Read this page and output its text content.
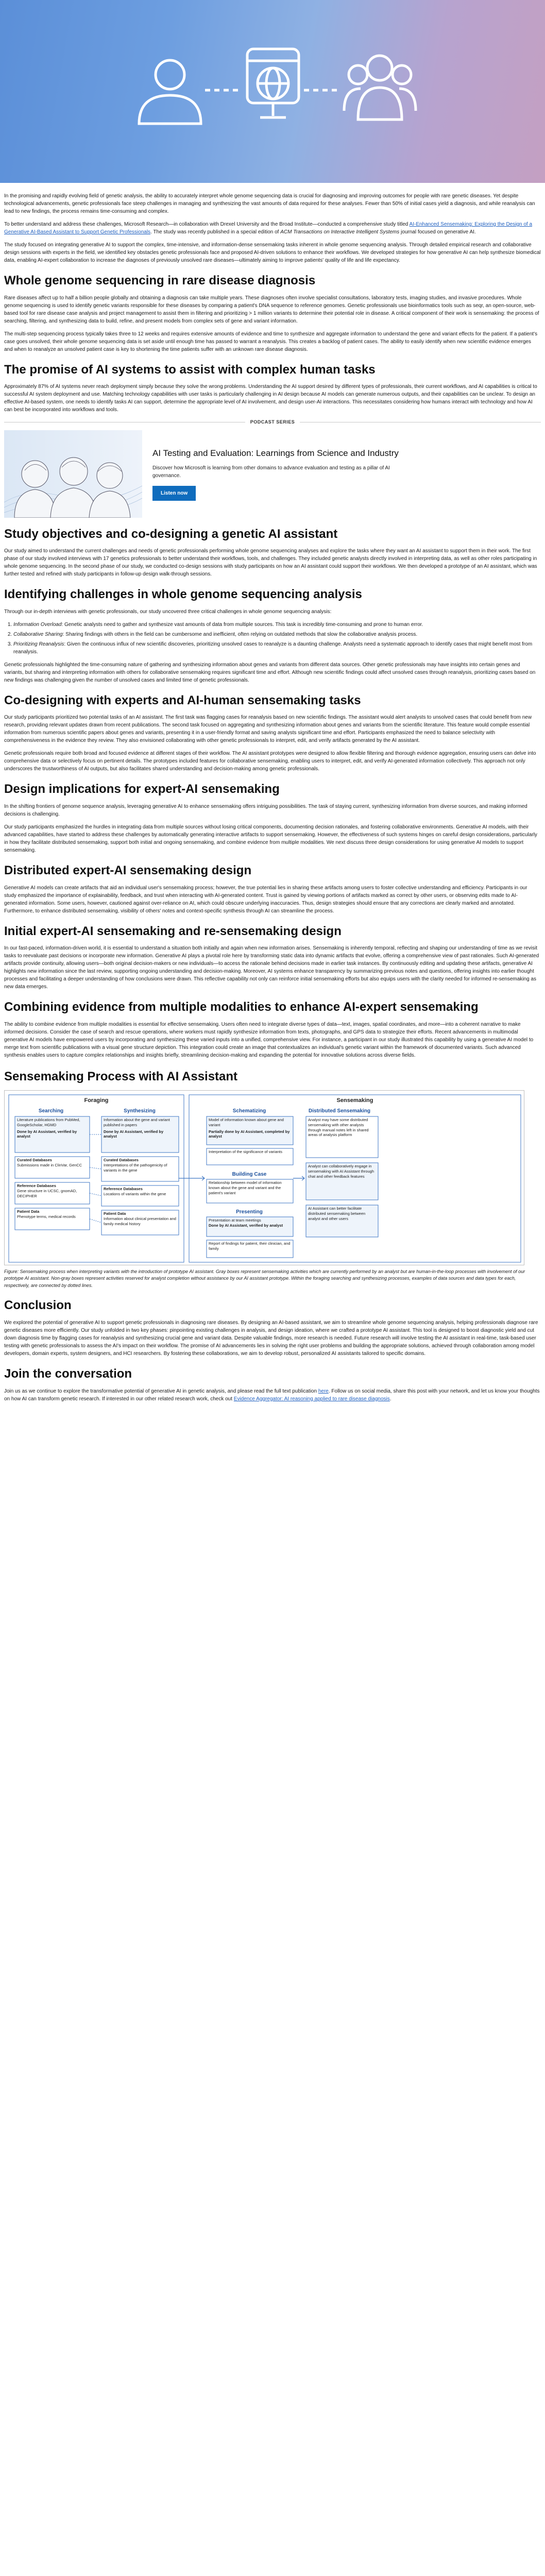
In the promising and rapidly evolving field of genetic analysis, the ability to accurately interpret whole genome sequencing data is crucial for diagnosing and improving outcomes for people with rare genetic diseases. Yet despite technological advancements, genetic professionals face steep challenges in managing and synthesizing the vast amounts of data required for these analyses. Fewer than 50% of initial cases yield a diagnosis, and while reanalysis can lead to new findings, the process remains time-consuming and complex.

To better understand and address these challenges, Microsoft Research—in collaboration with Drexel University and the Broad Institute—conducted a comprehensive study titled AI-Enhanced Sensemaking: Exploring the Design of a Generative AI-Based Assistant to Support Genetic Professionals. The study was recently published in a special edition of ACM Transactions on Interactive Intelligent Systems journal focused on generative AI.

The study focused on integrating generative AI to support the complex, time-intensive, and information-dense sensemaking tasks inherent in whole genome sequencing analysis. Through detailed empirical research and collaborative design sessions with experts in the field, we identified key obstacles genetic professionals face and proposed AI-driven solutions to enhance their workflows. We developed strategies for how generative AI can help synthesize biomedical data, enabling AI-expert collaboration to increase the diagnoses of previously unsolved rare diseases—ultimately aiming to improve patients' quality of life and life expectancy.

Whole genome sequencing in rare disease diagnosis

Rare diseases affect up to half a billion people globally and obtaining a diagnosis can take multiple years. These diagnoses often involve specialist consultations, laboratory tests, imaging studies, and invasive procedures. Whole genome sequencing is used to identify genetic variants responsible for these diseases by comparing a patient's DNA sequence to reference genomes. Genetic professionals use bioinformatics tools such as seqr, an open-source, web-based tool for rare disease case analysis and project management to assist them in filtering and prioritizing > 1 million variants to determine their potential role in disease. A critical component of their work is sensemaking: the process of searching, filtering, and synthesizing data to build, refine, and present models from complex sets of gene and variant information.

The multi-step sequencing process typically takes three to 12 weeks and requires extensive amounts of evidence and time to synthesize and aggregate information to understand the gene and variant effects for the patient. If a patient's case goes unsolved, their whole genome sequencing data is set aside until enough time has passed to warrant a reanalysis. This creates a backlog of patient cases. The ability to easily identify when new scientific evidence emerges and when to reanalyze an unsolved patient case is key to shortening the time patients suffer with an unknown rare disease diagnosis.

The promise of AI systems to assist with complex human tasks

Approximately 87% of AI systems never reach deployment simply because they solve the wrong problems. Understanding the AI support desired by different types of professionals, their current workflows, and AI capabilities is critical to successful AI system deployment and use. Matching technology capabilities with user tasks is particularly challenging in AI design because AI models can generate numerous outputs, and their capabilities can be unclear. To design an effective AI-based system, one needs to identify tasks AI can support, determine the appropriate level of AI involvement, and design user-AI interactions. This necessitates considering how humans interact with technology and how AI can best be incorporated into workflows and tools.

PODCAST SERIES
AI Testing and Evaluation: Learnings from Science and Industry

Discover how Microsoft is learning from other domains to advance evaluation and testing as a pillar of AI governance.

Listen now
Study objectives and co-designing a genetic AI assistant

Our study aimed to understand the current challenges and needs of genetic professionals performing whole genome sequencing analyses and explore the tasks where they want an AI assistant to support them in their work. The first phase of our study involved interviews with 17 genetics professionals to better understand their workflows, tools, and challenges. They included genetic analysts directly involved in interpreting data, as well as other roles participating in whole genome sequencing. In the second phase of our study, we conducted co-design sessions with study participants on how an AI assistant could support their workflows. We then developed a prototype of an AI assistant, which was further tested and refined with study participants in follow-up design walk-through sessions.

Identifying challenges in whole genome sequencing analysis

Through our in-depth interviews with genetic professionals, our study uncovered three critical challenges in whole genome sequencing analysis:

1. Information Overload: Genetic analysts need to gather and synthesize vast amounts of data from multiple sources. This task is incredibly time-consuming and prone to human error.
2. Collaborative Sharing: Sharing findings with others in the field can be cumbersome and inefficient, often relying on outdated methods that slow the collaborative analysis process.
3. Prioritizing Reanalysis: Given the continuous influx of new scientific discoveries, prioritizing unsolved cases to reanalyze is a daunting challenge. Analysts need a systematic approach to identify cases that might benefit most from reanalysis.

Genetic professionals highlighted the time-consuming nature of gathering and synthesizing information about genes and variants from different data sources. Other genetic professionals may have insights into certain genes and variants, but sharing and interpreting information with others for collaborative sensemaking requires significant time and effort. Although new scientific findings could affect unsolved cases through reanalysis, prioritizing cases based on new findings was challenging given the number of unsolved cases and limited time of genetic professionals.

Co-designing with experts and AI-human sensemaking tasks

Our study participants prioritized two potential tasks of an AI assistant. The first task was flagging cases for reanalysis based on new scientific findings. The assistant would alert analysts to unsolved cases that could benefit from new research, providing relevant updates drawn from recent publications. The second task focused on aggregating and synthesizing information about genes and variants from the scientific literature. This feature would compile essential information from numerous scientific papers about genes and variants, presenting it in a user-friendly format and saving analysts significant time and effort. Participants emphasized the need to balance selectivity with comprehensiveness in the evidence they review. They also envisioned collaborating with other genetic professionals to interpret, edit, and verify artifacts generated by the AI assistant.

Genetic professionals require both broad and focused evidence at different stages of their workflow. The AI assistant prototypes were designed to allow flexible filtering and thorough evidence aggregation, ensuring users can delve into comprehensive data or selectively focus on pertinent details. The prototypes included features for collaborative sensemaking, enabling users to interpret, edit, and verify AI-generated information collectively. This approach not only underscores the trustworthiness of AI outputs, but also facilitates shared understanding and decision-making among genetic professionals.

Design implications for expert-AI sensemaking

In the shifting frontiers of genome sequence analysis, leveraging generative AI to enhance sensemaking offers intriguing possibilities. The task of staying current, synthesizing information from diverse sources, and making informed decisions is challenging.

Our study participants emphasized the hurdles in integrating data from multiple sources without losing critical components, documenting decision rationales, and fostering collaborative environments. Generative AI models, with their advanced capabilities, have started to address these challenges by automatically generating interactive artifacts to support sensemaking. However, the effectiveness of such systems hinges on careful design considerations, particularly in how they facilitate distributed sensemaking, support both initial and ongoing sensemaking, and combine evidence from multiple modalities. We next discuss three design considerations for using generative AI models to support sensemaking.

Distributed expert-AI sensemaking design

Generative AI models can create artifacts that aid an individual user's sensemaking process; however, the true potential lies in sharing these artifacts among users to foster collective understanding and efficiency. Participants in our study emphasized the importance of explainability, feedback, and trust when interacting with AI-generated content. Trust is gained by viewing portions of artifacts marked as correct by other users, or observing edits made to AI-generated information. Some users, however, cautioned against over-reliance on AI, which could obscure underlying inaccuracies. Thus, design strategies should ensure that any corrections are clearly marked and annotated. Furthermore, to enhance distributed sensemaking, visibility of others' notes and context-specific synthesis through AI can streamline the process.

Initial expert-AI sensemaking and re-sensemaking design

In our fast-paced, information-driven world, it is essential to understand a situation both initially and again when new information arises. Sensemaking is inherently temporal, reflecting and shaping our understanding of time as we revisit tasks to reevaluate past decisions or incorporate new information. Generative AI plays a pivotal role here by transforming static data into dynamic artifacts that evolve, offering a comprehensive view of past rationales. Such AI-generated artifacts provide continuity, allowing users—both original decision-makers or new individuals—to access the rationale behind decisions made in earlier task instances. By continuously editing and updating these artifacts, generative AI highlights new information since the last review, supporting ongoing understanding and decision-making. Moreover, AI systems enhance transparency by summarizing previous notes and questions, offering insights into earlier thought processes and facilitating a deeper understanding of how conclusions were drawn. This reflective capability not only can reinforce initial sensemaking efforts but also equips users with the clarity needed for informed re-sensemaking as new data emerges.

Combining evidence from multiple modalities to enhance AI-expert sensemaking

The ability to combine evidence from multiple modalities is essential for effective sensemaking. Users often need to integrate diverse types of data—text, images, spatial coordinates, and more—into a coherent narrative to make informed decisions. Consider the case of search and rescue operations, where workers must rapidly synthesize information from texts, photographs, and GPS data to strategize their efforts. Recent advancements in multimodal generative AI models have empowered users by incorporating and synthesizing these varied inputs into a unified, comprehensive view. For instance, a participant in our study illustrated this capability by using a generative AI model to merge text from scientific publications with a visual gene structure depiction. This integration could create an image that contextualizes an individual's genetic variant within the framework of documented variants. Such advanced synthesis enables users to capture complex relationships and insights briefly, streamlining decision-making and expanding the potential for innovative solutions across diverse fields.

Sensemaking Process with AI Assistant
Foraging	Sensemaking
Searching
Literature publications from PubMed, GoogleScholar, HGMD
Done by AI Assistant, verified by analyst
Curated Databases
Submissions made in ClinVar, GenCC
Reference Databases
Gene structure in UCSC, gnomAD, DECIPHER
Patient Data
Phenotype terms, medical records
Synthesizing
Information about the gene and variant published in papers
Done by AI Assistant, verified by analyst
Curated Databases
Interpretations of the pathogenicity of variants in the gene
Reference Databases
Locations of variants within the gene
Patient Data
Information about clinical presentation and family medical history
Schematizing
Model of information known about gene and variant
Partially done by AI Assistant, completed by analyst
Interpretation of the significance of variants
Building Case
Relationship between model of information known about the gene and variant and the patient's variant
Presenting
Presentation at team meetings
Done by AI Assistant, verified by analyst
Report of findings for patient, their clinician, and family
Distributed Sensemaking
Analyst may have some distributed sensemaking with other analysts through manual notes left in shared areas of analysis platform
Analyst can collaboratively engage in sensemaking with AI Assistant through chat and other feedback features
AI Assistant can better facilitate distributed sensemaking between analyst and other users
Figure: Sensemaking process when interpreting variants with the introduction of prototype AI assistant. Gray boxes represent sensemaking activities which are currently performed by an analyst but are human-in-the-loop processes with involvement of our prototype AI assistant. Non-gray boxes represent activities reserved for analyst completion without assistance by our AI assistant prototype. Within the foraging searching and synthesizing processes, examples of data sources and data types for each, respectively, are connected by dotted lines.
Conclusion

We explored the potential of generative AI to support genetic professionals in diagnosing rare diseases. By designing an AI-based assistant, we aim to streamline whole genome sequencing analysis, helping professionals diagnose rare genetic diseases more efficiently. Our study unfolded in two key phases: pinpointing existing challenges in analysis, and design ideation, where we crafted a prototype AI assistant. This tool is designed to boost diagnostic yield and cut down diagnosis time by flagging cases for reanalysis and synthesizing crucial gene and variant data. Despite valuable findings, more research is needed. Future research will involve testing the AI assistant in real-time, task-based user testing with genetic professionals to assess the AI's impact on their workflow. The promise of AI advancements lies in solving the right user problems and building the appropriate solutions, achieved through collaboration among model developers, domain experts, system designers, and HCI researchers. By fostering these collaborations, we aim to develop robust, personalized AI assistants tailored to specific domains.

Join the conversation

Join us as we continue to explore the transformative potential of generative AI in genetic analysis, and please read the full text publication here. Follow us on social media, share this post with your network, and let us know your thoughts on how AI can transform genetic research. If interested in our other related research work, check out Evidence Aggregator: AI reasoning applied to rare disease diagnosis.
